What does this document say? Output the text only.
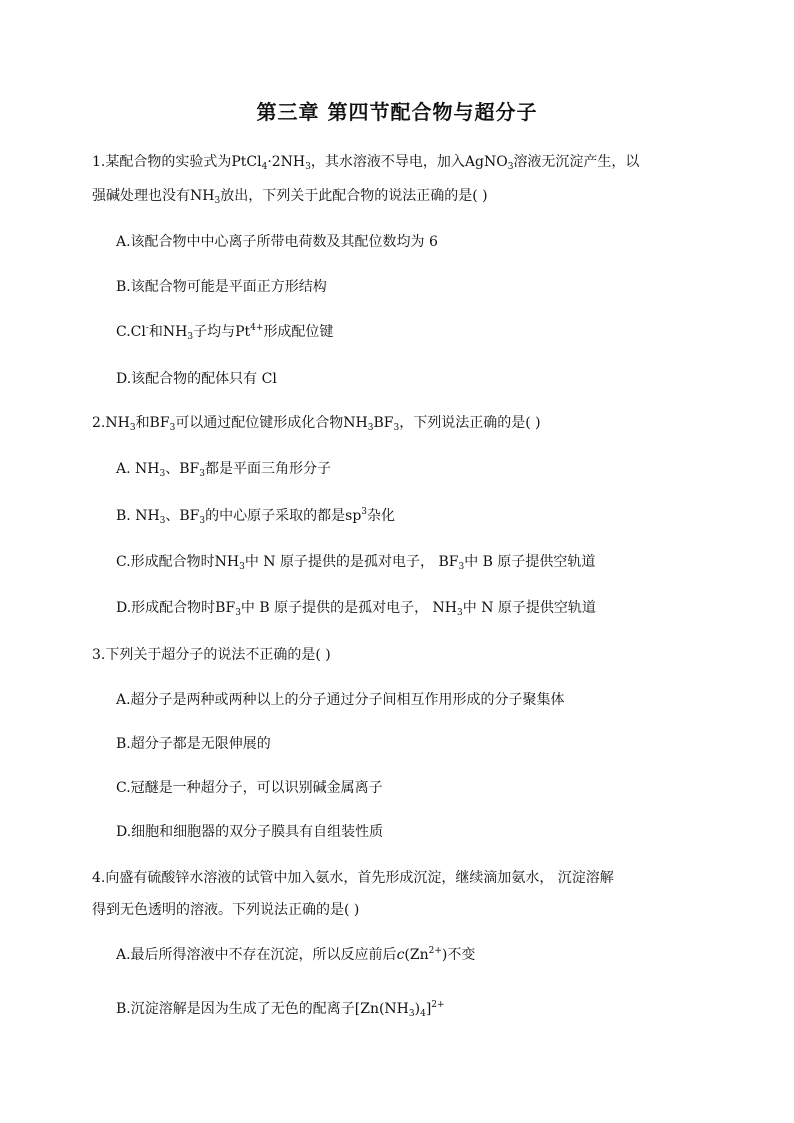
第三章 第四节配合物与超分子
1.某配合物的实验式为$PtCl_4\cdot 2NH_3$，其水溶液不导电，加入AgNO$_3$溶液无沉淀产生，以
强碱处理也没有$NH_3$放出，下列关于此配合物的说法正确的是( )
A.该配合物中中心离子所带电荷数及其配位数均为 6
B.该配合物可能是平面正方形结构
C.Cl-和$NH_3$子均与$Pt^{4+}$形成配位键
D.该配合物的配体只有 Cl
$2.NH_3$和$BF_3$可以通过配位键形成化合物$NH_3BF_3$，下列说法正确的是( )
A. $NH_3$、$BF_3$都是平面三角形分子
B. $NH_3$、$BF_3$的中心原子采取的都是$sp^3$杂化
C.形成配合物时$NH_3$中 N 原子提供的是孤对电子， $BF_3$中 B 原子提供空轨道
D.形成配合物时$BF_3$中 B 原子提供的是孤对电子， $NH_3$中 N 原子提供空轨道
3.下列关于超分子的说法不正确的是( )
A.超分子是两种或两种以上的分子通过分子间相互作用形成的分子聚集体
B.超分子都是无限伸展的
C.冠醚是一种超分子，可以识别碱金属离子
D.细胞和细胞器的双分子膜具有自组装性质
4.向盛有硫酸锌水溶液的试管中加入氨水，首先形成沉淀，继续滴加氨水， 沉淀溶解
得到无色透明的溶液。下列说法正确的是( )
A.最后所得溶液中不存在沉淀，所以反应前后$c(Zn^{2+})$不变
B.沉淀溶解是因为生成了无色的配离子$[Zn(NH_3)_4]^{2+}$
